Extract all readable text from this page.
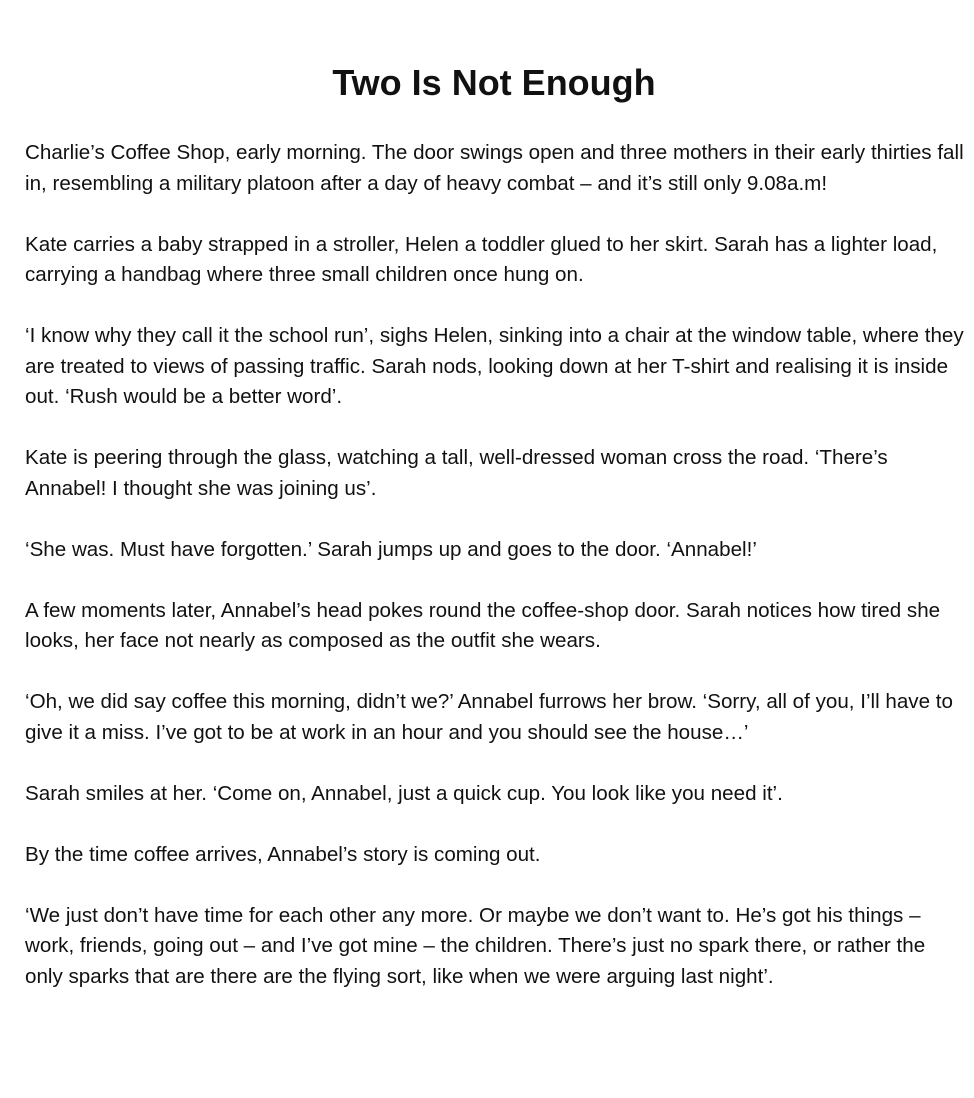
Two Is Not Enough

Charlie’s Coffee Shop, early morning. The door swings open and three mothers in their early thirties fall in, resembling a military platoon after a day of heavy combat – and it’s still only 9.08a.m!

Kate carries a baby strapped in a stroller, Helen a toddler glued to her skirt. Sarah has a lighter load, carrying a handbag where three small children once hung on.

‘I know why they call it the school run’, sighs Helen, sinking into a chair at the window table, where they are treated to views of passing traffic. Sarah nods, looking down at her T-shirt and realising it is inside out. ‘Rush would be a better word’.

Kate is peering through the glass, watching a tall, well-dressed woman cross the road. ‘There’s Annabel! I thought she was joining us’.

‘She was. Must have forgotten.’ Sarah jumps up and goes to the door. ‘Annabel!’

A few moments later, Annabel’s head pokes round the coffee-shop door. Sarah notices how tired she looks, her face not nearly as composed as the outfit she wears.

‘Oh, we did say coffee this morning, didn’t we?’ Annabel furrows her brow. ‘Sorry, all of you, I’ll have to give it a miss. I’ve got to be at work in an hour and you should see the house…’

Sarah smiles at her. ‘Come on, Annabel, just a quick cup. You look like you need it’.

By the time coffee arrives, Annabel’s story is coming out.

‘We just don’t have time for each other any more. Or maybe we don’t want to. He’s got his things – work, friends, going out – and I’ve got mine – the children. There’s just no spark there, or rather the only sparks that are there are the flying sort, like when we were arguing last night’.
